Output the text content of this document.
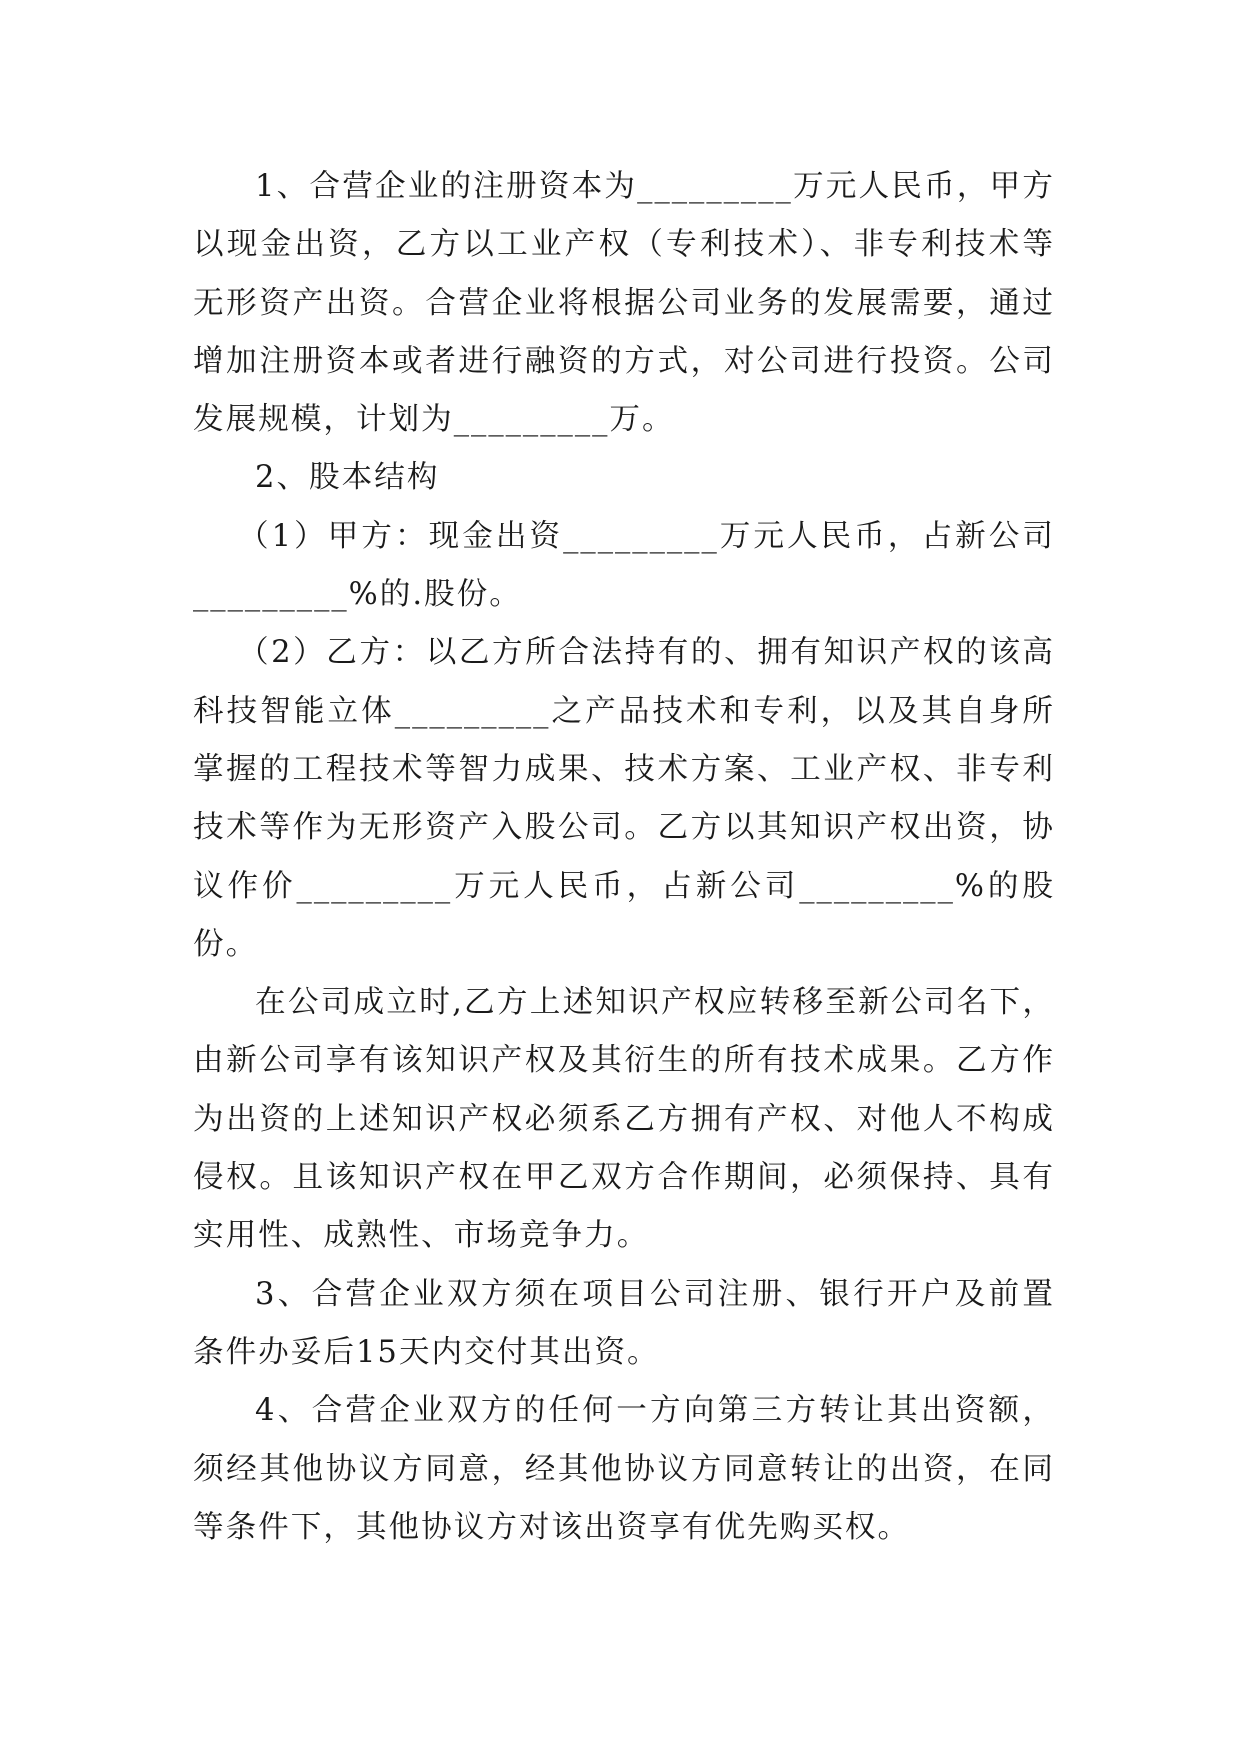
1、合营企业的注册资本为_________万元人民币，甲方以现金出资，乙方以工业产权（专利技术）、非专利技术等无形资产出资。合营企业将根据公司业务的发展需要，通过增加注册资本或者进行融资的方式，对公司进行投资。公司发展规模，计划为_________万。

2、股本结构

（1）甲方：现金出资_________万元人民币，占新公司_________%的.股份。

（2）乙方：以乙方所合法持有的、拥有知识产权的该高科技智能立体_________之产品技术和专利，以及其自身所掌握的工程技术等智力成果、技术方案、工业产权、非专利技术等作为无形资产入股公司。乙方以其知识产权出资，协议作价_________万元人民币，占新公司_________%的股份。

在公司成立时,乙方上述知识产权应转移至新公司名下，由新公司享有该知识产权及其衍生的所有技术成果。乙方作为出资的上述知识产权必须系乙方拥有产权、对他人不构成侵权。且该知识产权在甲乙双方合作期间，必须保持、具有实用性、成熟性、市场竞争力。

3、合营企业双方须在项目公司注册、银行开户及前置条件办妥后15天内交付其出资。

4、合营企业双方的任何一方向第三方转让其出资额，须经其他协议方同意，经其他协议方同意转让的出资，在同等条件下，其他协议方对该出资享有优先购买权。
